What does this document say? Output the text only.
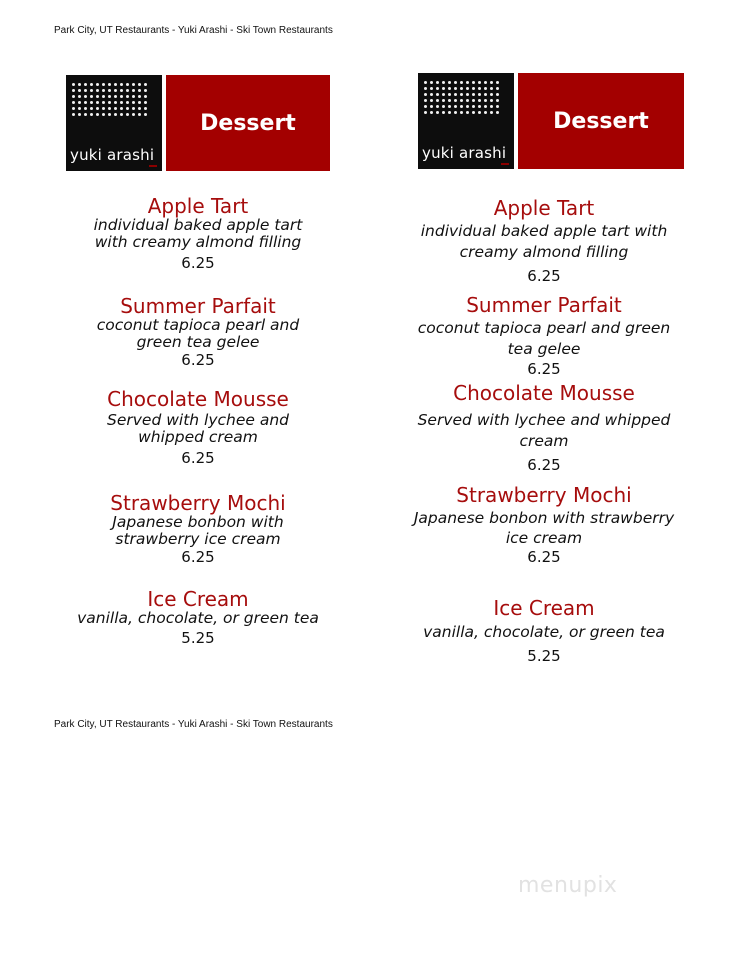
Park City, UT Restaurants - Yuki Arashi - Ski Town Restaurants
yuki arashi
Dessert
yuki arashi
Dessert
Apple Tart
individual baked apple tart
with creamy almond filling
6.25
Summer Parfait
coconut tapioca pearl and
green tea gelee
6.25
Chocolate Mousse
Served with lychee and
whipped cream
6.25
Strawberry Mochi
Japanese bonbon with
strawberry ice cream
6.25
Ice Cream
vanilla, chocolate, or green tea
5.25
Apple Tart
individual baked apple tart with
creamy almond filling
6.25
Summer Parfait
coconut tapioca pearl and green
tea gelee
6.25
Chocolate Mousse
Served with lychee and whipped
cream
6.25
Strawberry Mochi
Japanese bonbon with strawberry
ice cream
6.25
Ice Cream
vanilla, chocolate, or green tea
5.25
Park City, UT Restaurants - Yuki Arashi - Ski Town Restaurants
menupix
